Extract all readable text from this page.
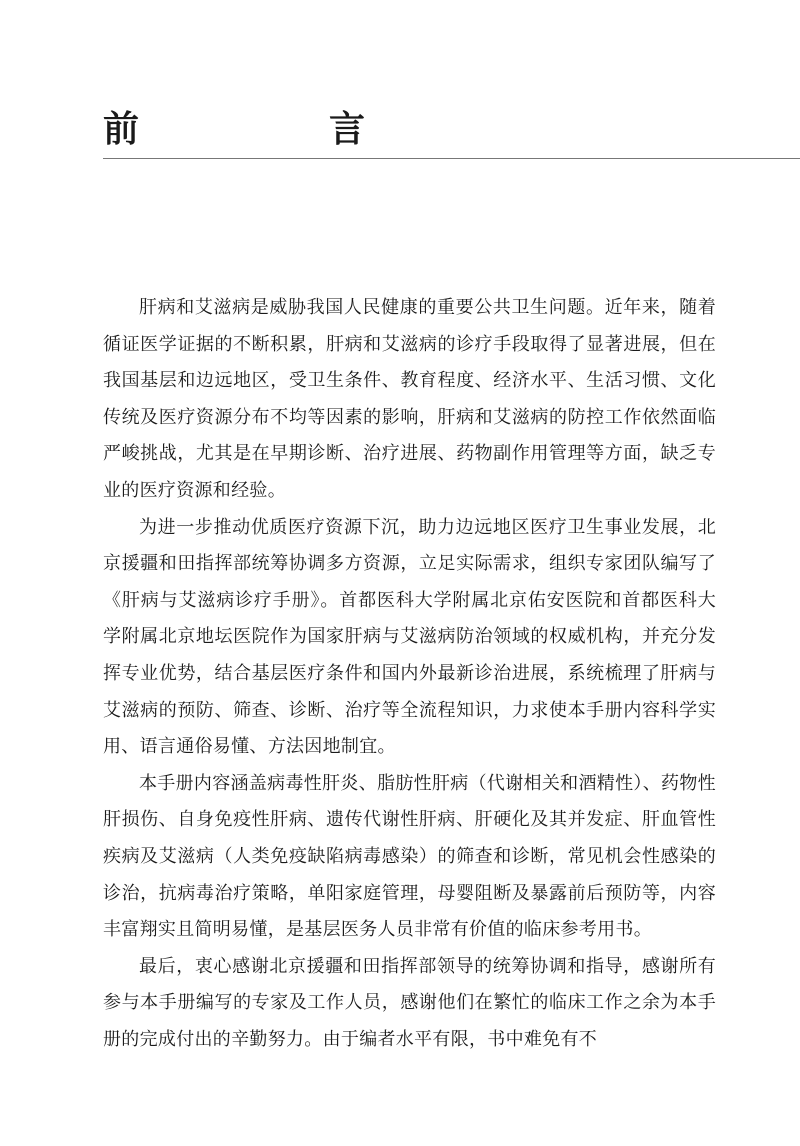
前　言

肝病和艾滋病是威胁我国人民健康的重要公共卫生问题。近年来，随着循证医学证据的不断积累，肝病和艾滋病的诊疗手段取得了显著进展，但在我国基层和边远地区，受卫生条件、教育程度、经济水平、生活习惯、文化传统及医疗资源分布不均等因素的影响，肝病和艾滋病的防控工作依然面临严峻挑战，尤其是在早期诊断、治疗进展、药物副作用管理等方面，缺乏专业的医疗资源和经验。

为进一步推动优质医疗资源下沉，助力边远地区医疗卫生事业发展，北京援疆和田指挥部统筹协调多方资源，立足实际需求，组织专家团队编写了《肝病与艾滋病诊疗手册》。首都医科大学附属北京佑安医院和首都医科大学附属北京地坛医院作为国家肝病与艾滋病防治领域的权威机构，并充分发挥专业优势，结合基层医疗条件和国内外最新诊治进展，系统梳理了肝病与艾滋病的预防、筛查、诊断、治疗等全流程知识，力求使本手册内容科学实用、语言通俗易懂、方法因地制宜。

本手册内容涵盖病毒性肝炎、脂肪性肝病（代谢相关和酒精性）、药物性肝损伤、自身免疫性肝病、遗传代谢性肝病、肝硬化及其并发症、肝血管性疾病及艾滋病（人类免疫缺陷病毒感染）的筛查和诊断，常见机会性感染的诊治，抗病毒治疗策略，单阳家庭管理，母婴阻断及暴露前后预防等，内容丰富翔实且简明易懂，是基层医务人员非常有价值的临床参考用书。

最后，衷心感谢北京援疆和田指挥部领导的统筹协调和指导，感谢所有参与本手册编写的专家及工作人员，感谢他们在繁忙的临床工作之余为本手册的完成付出的辛勤努力。由于编者水平有限，书中难免有不
